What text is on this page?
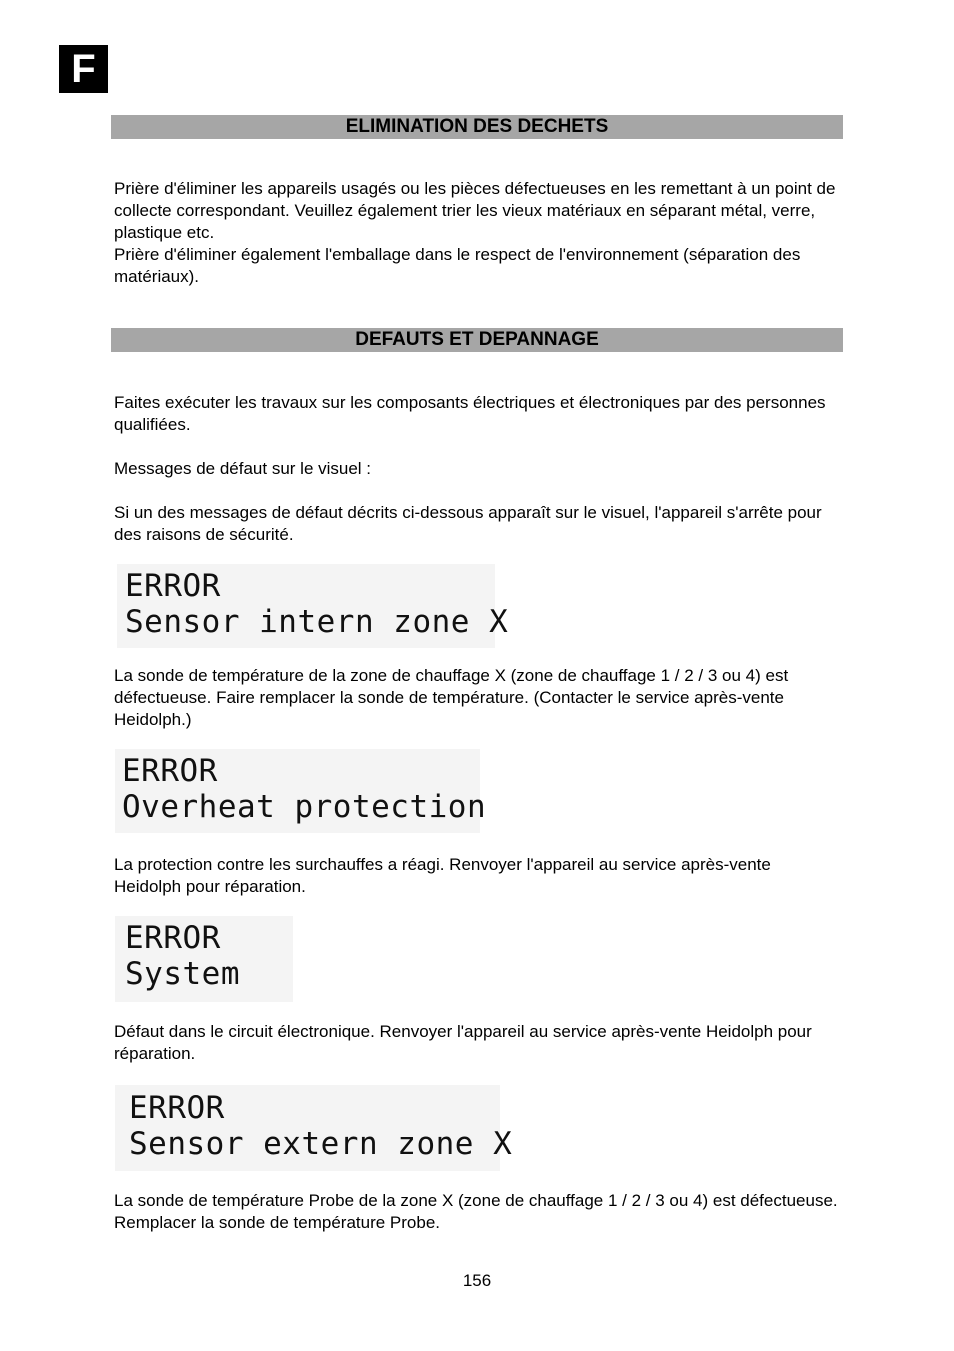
F
ELIMINATION DES DECHETS

Prière d'éliminer les appareils usagés ou les pièces défectueuses en les remettant à un point de collecte correspondant. Veuillez également trier les vieux matériaux en séparant métal, verre, plastique etc.

Prière d'éliminer également l'emballage dans le respect de l'environnement (séparation des matériaux).

DEFAUTS ET DEPANNAGE

Faites exécuter les travaux sur les composants électriques et électroniques par des personnes qualifiées.

Messages de défaut sur le visuel :

Si un des messages de défaut décrits ci-dessous apparaît sur le visuel, l'appareil s'arrête pour des raisons de sécurité.

ERROR
Sensor intern zone X

La sonde de température de la zone de chauffage X (zone de chauffage 1 / 2 / 3 ou 4) est défectueuse. Faire remplacer la sonde de température. (Contacter le service après-vente Heidolph.)

ERROR
Overheat protection

La protection contre les surchauffes a réagi. Renvoyer l'appareil au service après-vente Heidolph pour réparation.

ERROR
System

Défaut dans le circuit électronique. Renvoyer l'appareil au service après-vente Heidolph pour réparation.

ERROR
Sensor extern zone X

La sonde de température Probe de la zone X (zone de chauffage 1 / 2 / 3 ou 4) est défectueuse. Remplacer la sonde de température Probe.

156
